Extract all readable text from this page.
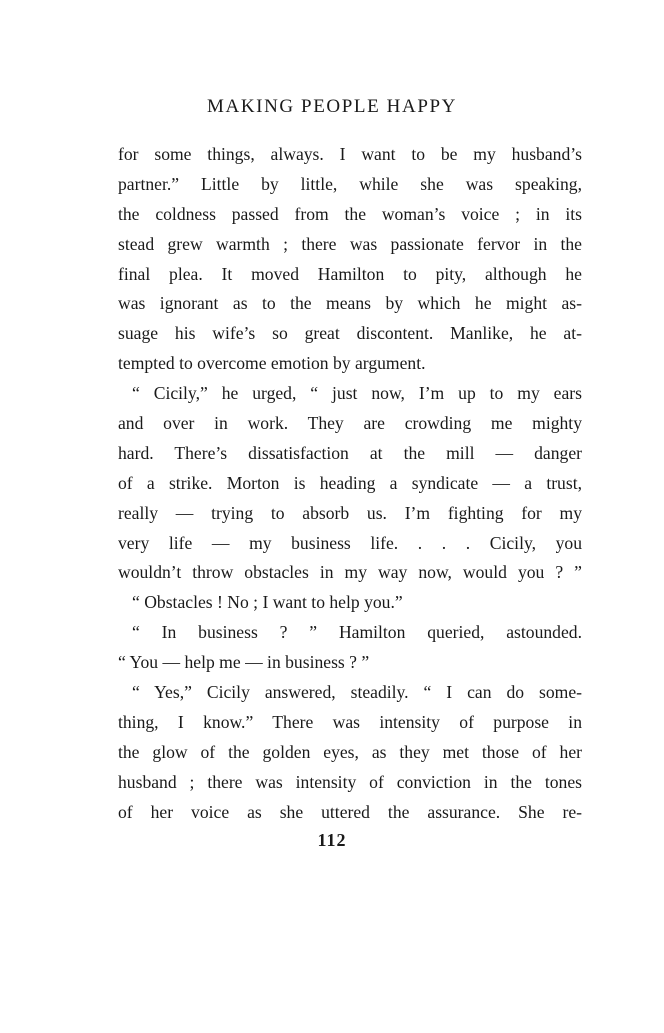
MAKING PEOPLE HAPPY
for some things, always. I want to be my husband’s
partner.” Little by little, while she was speaking,
the coldness passed from the woman’s voice ; in its
stead grew warmth ; there was passionate fervor in the
final plea. It moved Hamilton to pity, although he
was ignorant as to the means by which he might as-
suage his wife’s so great discontent. Manlike, he at-
tempted to overcome emotion by argument.
“ Cicily,” he urged, “ just now, I’m up to my ears
and over in work. They are crowding me mighty
hard. There’s dissatisfaction at the mill — danger
of a strike. Morton is heading a syndicate — a trust,
really — trying to absorb us. I’m fighting for my
very life — my business life. . . . Cicily, you
wouldn’t throw obstacles in my way now, would you ? ”
“ Obstacles ! No ; I want to help you.”
“ In business ? ” Hamilton queried, astounded.
“ You — help me — in business ? ”
“ Yes,” Cicily answered, steadily. “ I can do some-
thing, I know.” There was intensity of purpose in
the glow of the golden eyes, as they met those of her
husband ; there was intensity of conviction in the tones
of her voice as she uttered the assurance. She re-
112
